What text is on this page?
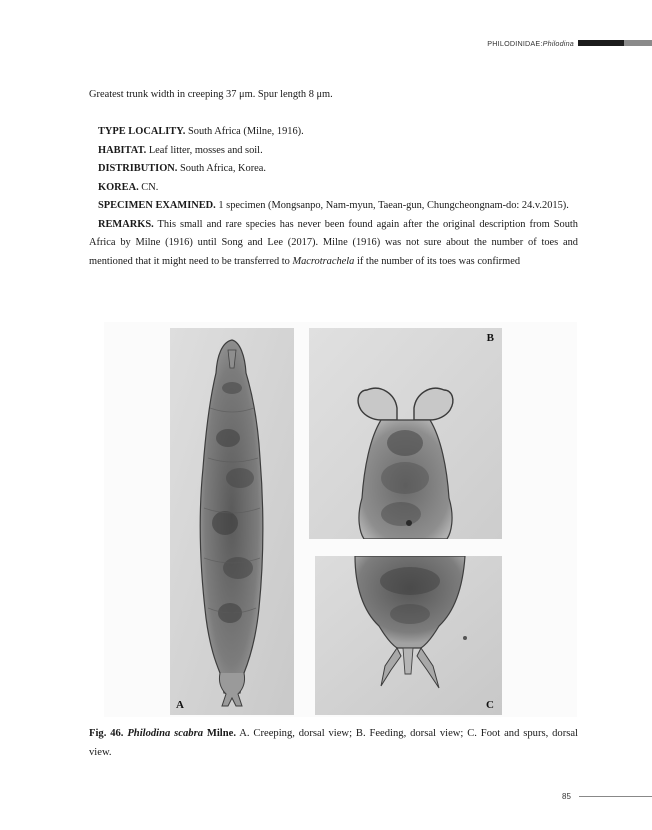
PHILODINIDAE: Philodina

Greatest trunk width in creeping 37 μm. Spur length 8 μm.

TYPE LOCALITY. South Africa (Milne, 1916).

HABITAT. Leaf litter, mosses and soil.

DISTRIBUTION. South Africa, Korea.

KOREA. CN.

SPECIMEN EXAMINED. 1 specimen (Mongsanpo, Nam-myun, Taean-gun, Chungcheongnam-do: 24.v.2015).

REMARKS. This small and rare species has never been found again after the original description from South Africa by Milne (1916) until Song and Lee (2017). Milne (1916) was not sure about the number of toes and mentioned that it might need to be transferred to Macrotrachela if the number of its toes was confirmed

A
B
C
Fig. 46. Philodina scabra Milne. A. Creeping, dorsal view; B. Feeding, dorsal view; C. Foot and spurs, dorsal view.
85
